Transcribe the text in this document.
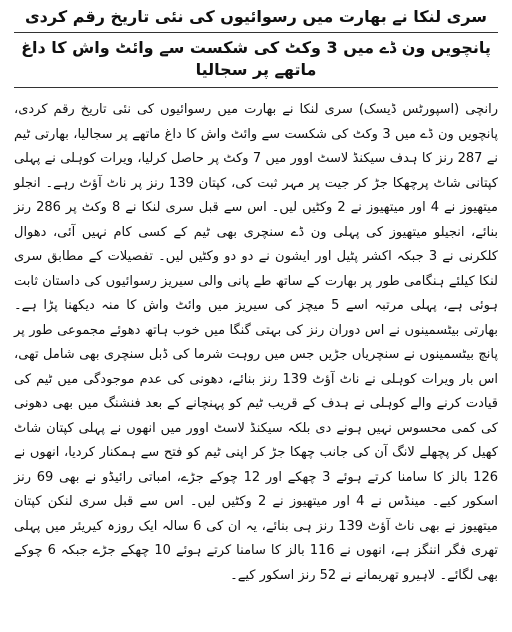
سری لنکا نے بھارت میں رسوائیوں کی نئی تاریخ رقم کردی
پانچویں ون ڈے میں 3 وکٹ کی شکست سے وائٹ واش کا داغ ماتھے پر سجالیا

رانچی (اسپورٹس ڈیسک) سری لنکا نے بھارت میں رسوائیوں کی نئی تاریخ رقم کردی، پانچویں ون ڈے میں 3 وکٹ کی شکست سے وائٹ واش کا داغ ماتھے پر سجالیا، بھارتی ٹیم نے 287 رنز کا ہدف سیکنڈ لاسٹ اوور میں 7 وکٹ پر حاصل کرلیا، ویرات کوہلی نے پہلی کپتانی شاٹ پرچھکا جڑ کر جیت پر مہر ثبت کی، کپتان 139 رنز پر ناٹ آؤٹ رہے۔ انجلو میتھیوز نے 4 اور میتھیوز نے 2 وکٹیں لیں۔ اس سے قبل سری لنکا نے 8 وکٹ پر 286 رنز بنائے، انجیلو میتھیوز کی پہلی ون ڈے سنچری بھی ٹیم کے کسی کام نہیں آئی، دھوال کلکرنی نے 3 جبکہ اکشر پٹیل اور ایشون نے دو دو وکٹیں لیں۔ تفصیلات کے مطابق سری لنکا کیلئے ہنگامی طور پر بھارت کے ساتھ طے پانی والی سیریز رسوائیوں کی داستان ثابت ہوئی ہے، پہلی مرتبہ اسے 5 میچز کی سیریز میں وائٹ واش کا منہ دیکھنا پڑا ہے۔ بھارتی بیٹسمینوں نے اس دوران رنز کی بہتی گنگا میں خوب ہاتھ دھوئے مجموعی طور پر پانچ بیٹسمینوں نے سنچریاں جڑیں جس میں روہت شرما کی ڈبل سنچری بھی شامل تھی، اس بار ویرات کوہلی نے ناٹ آؤٹ 139 رنز بنائے، دھونی کی عدم موجودگی میں ٹیم کی قیادت کرنے والے کوہلی نے ہدف کے قریب ٹیم کو پہنچانے کے بعد فنشنگ میں بھی دھونی کی کمی محسوس نہیں ہونے دی بلکہ سیکنڈ لاسٹ اوور میں انھوں نے پہلی کپتان شاٹ کھیل کر پچھلے لانگ آن کی جانب چھکا جڑ کر اپنی ٹیم کو فتح سے ہمکنار کردیا، انھوں نے 126 بالز کا سامنا کرتے ہوئے 3 چھکے اور 12 چوکے جڑے، امباتی رائیڈو نے بھی 69 رنز اسکور کیے۔ مینڈس نے 4 اور میتھیوز نے 2 وکٹیں لیں۔ اس سے قبل سری لنکن کپتان میتھیوز نے بھی ناٹ آؤٹ 139 رنز ہی بنائے، یہ ان کی 6 سالہ ایک روزہ کیریئر میں پہلی تھری فگر اننگز ہے، انھوں نے 116 بالز کا سامنا کرتے ہوئے 10 چھکے جڑے جبکہ 6 چوکے بھی لگائے۔ لاہیرو تھریمانے نے 52 رنز اسکور کیے۔
